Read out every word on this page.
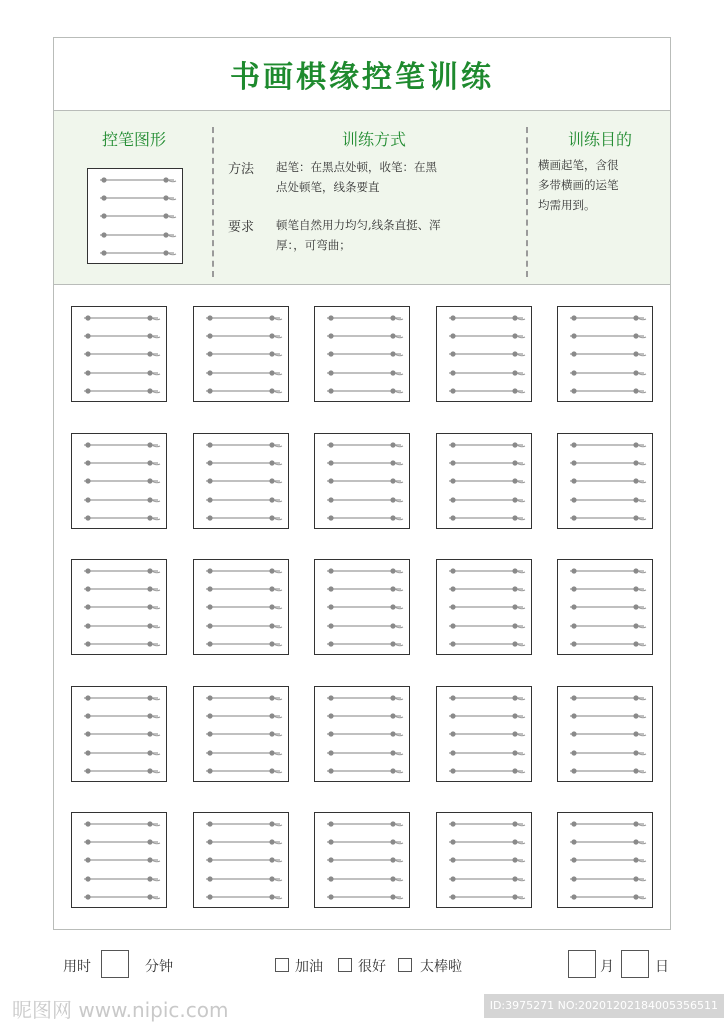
书画棋缘控笔训练
控笔图形	训练方式
方法 起笔：在黑点处顿，收笔：在黑
点处顿笔，线条要直
要求 顿笔自然用力均匀,线条直挺、浑
厚：，可弯曲；
训练目的
横画起笔，含很
多带横画的运笔
均需用到。
用时	分钟	加油	很好 太棒啦	月	日
昵图网 www.nipic.com	ID:3975271 NO:20201202184005356511
